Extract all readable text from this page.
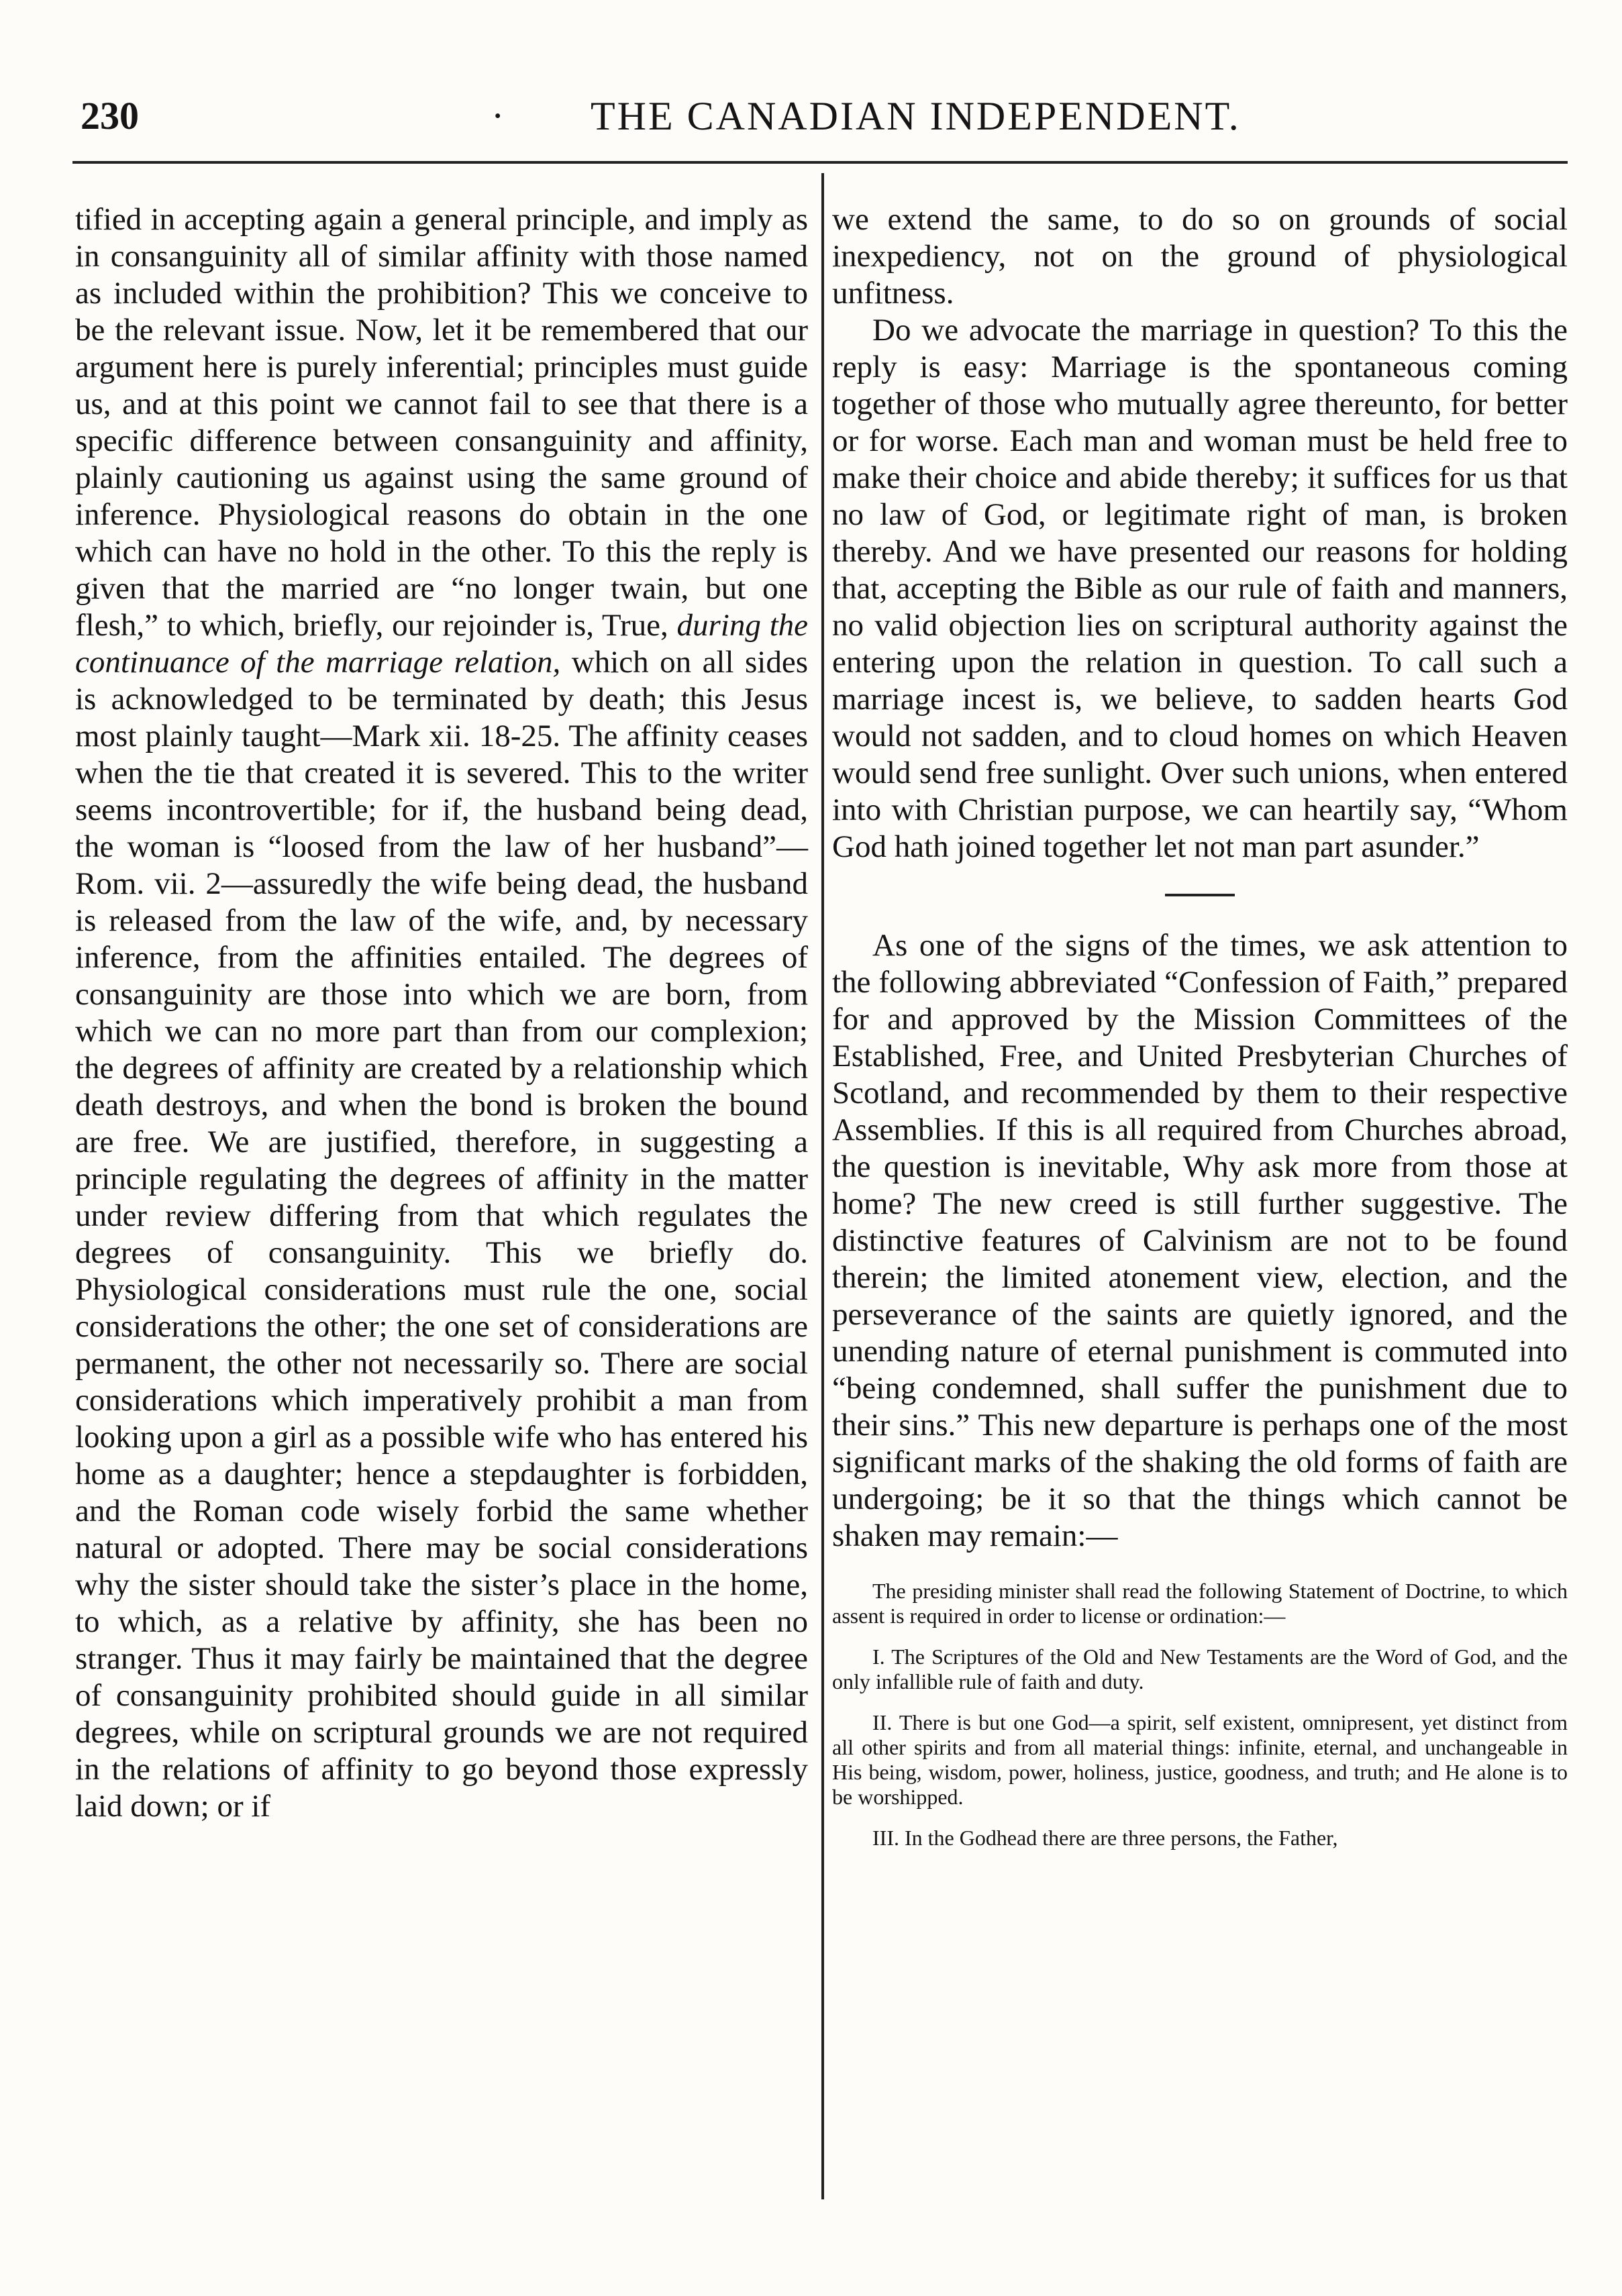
230	· THE CANADIAN INDEPENDENT.

tified in accepting again a general principle, and imply as in consanguinity all of similar affinity with those named as included within the prohibition? This we conceive to be the relevant issue. Now, let it be remembered that our argument here is purely inferential; principles must guide us, and at this point we cannot fail to see that there is a specific difference between consanguinity and affinity, plainly cautioning us against using the same ground of inference. Physiological reasons do obtain in the one which can have no hold in the other. To this the reply is given that the married are “no longer twain, but one flesh,” to which, briefly, our rejoinder is, True, during the continuance of the marriage relation, which on all sides is acknowledged to be terminated by death; this Jesus most plainly taught—Mark xii. 18-25. The affinity ceases when the tie that created it is severed. This to the writer seems incontrovertible; for if, the husband being dead, the woman is “loosed from the law of her husband”—Rom. vii. 2—assuredly the wife being dead, the husband is released from the law of the wife, and, by necessary inference, from the affinities entailed. The degrees of consanguinity are those into which we are born, from which we can no more part than from our complexion; the degrees of affinity are created by a relationship which death destroys, and when the bond is broken the bound are free. We are justified, therefore, in suggesting a principle regulating the degrees of affinity in the matter under review differing from that which regulates the degrees of consanguinity. This we briefly do. Physiological considerations must rule the one, social considerations the other; the one set of considerations are permanent, the other not necessarily so. There are social considerations which imperatively prohibit a man from looking upon a girl as a possible wife who has entered his home as a daughter; hence a stepdaughter is forbidden, and the Roman code wisely forbid the same whether natural or adopted. There may be social considerations why the sister should take the sister’s place in the home, to which, as a relative by affinity, she has been no stranger. Thus it may fairly be maintained that the degree of consanguinity prohibited should guide in all similar degrees, while on scriptural grounds we are not required in the relations of affinity to go beyond those expressly laid down; or if

we extend the same, to do so on grounds of social inexpediency, not on the ground of physiological unfitness.

Do we advocate the marriage in question? To this the reply is easy: Marriage is the spontaneous coming together of those who mutually agree thereunto, for better or for worse. Each man and woman must be held free to make their choice and abide thereby; it suffices for us that no law of God, or legitimate right of man, is broken thereby. And we have presented our reasons for holding that, accepting the Bible as our rule of faith and manners, no valid objection lies on scriptural authority against the entering upon the relation in question. To call such a marriage incest is, we believe, to sadden hearts God would not sadden, and to cloud homes on which Heaven would send free sunlight. Over such unions, when entered into with Christian purpose, we can heartily say, “Whom God hath joined together let not man part asunder.”

As one of the signs of the times, we ask attention to the following abbreviated “Confession of Faith,” prepared for and approved by the Mission Committees of the Established, Free, and United Presbyterian Churches of Scotland, and recommended by them to their respective Assemblies. If this is all required from Churches abroad, the question is inevitable, Why ask more from those at home? The new creed is still further suggestive. The distinctive features of Calvinism are not to be found therein; the limited atonement view, election, and the perseverance of the saints are quietly ignored, and the unending nature of eternal punishment is commuted into “being condemned, shall suffer the punishment due to their sins.” This new departure is perhaps one of the most significant marks of the shaking the old forms of faith are undergoing; be it so that the things which cannot be shaken may remain:—

The presiding minister shall read the following Statement of Doctrine, to which assent is required in order to license or ordination:—

I. The Scriptures of the Old and New Testaments are the Word of God, and the only infallible rule of faith and duty.

II. There is but one God—a spirit, self existent, omnipresent, yet distinct from all other spirits and from all material things: infinite, eternal, and unchangeable in His being, wisdom, power, holiness, justice, goodness, and truth; and He alone is to be worshipped.

III. In the Godhead there are three persons, the Father,
